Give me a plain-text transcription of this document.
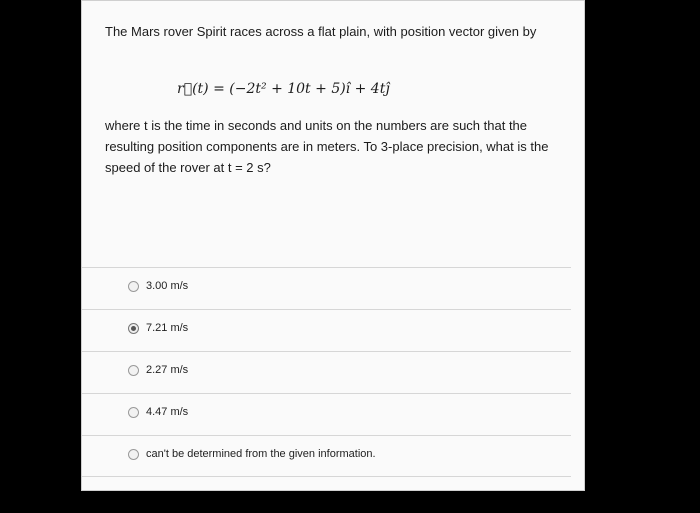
The Mars rover Spirit races across a flat plain, with position vector given by
r⃗(t) = (−2t² + 10t + 5)î + 4tĵ
where t is the time in seconds and units on the numbers are such that the
resulting position components are in meters. To 3-place precision, what is the
speed of the rover at t = 2 s?
3.00 m/s
7.21 m/s
2.27 m/s
4.47 m/s
can't be determined from the given information.
